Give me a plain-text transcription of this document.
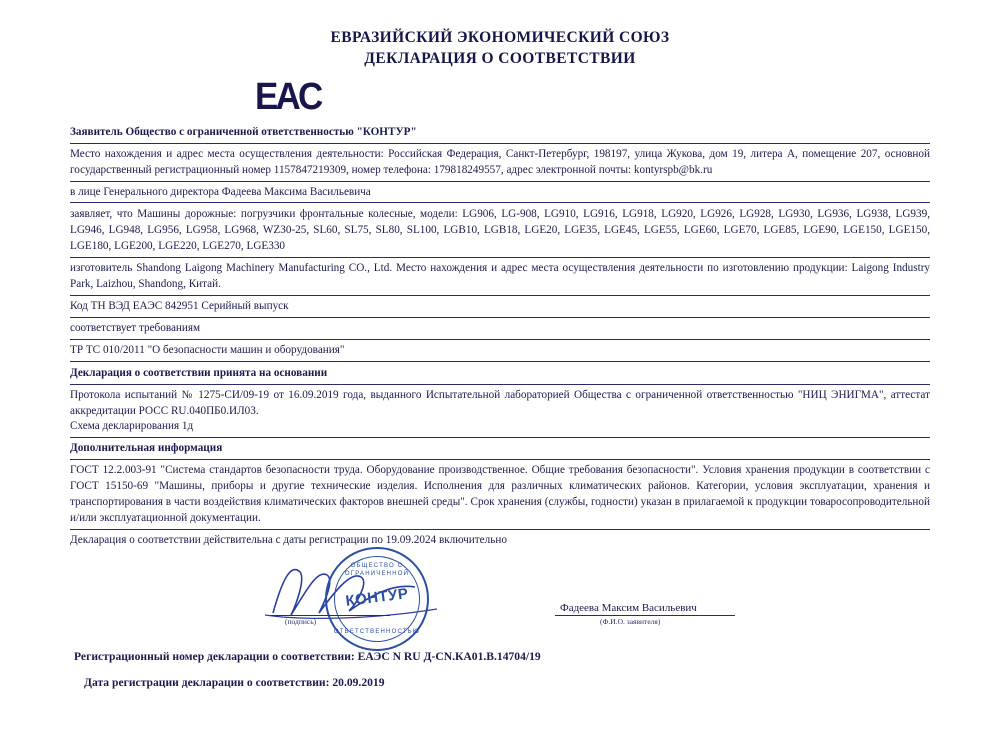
ЕВРАЗИЙСКИЙ ЭКОНОМИЧЕСКИЙ СОЮЗ
ДЕКЛАРАЦИЯ О СООТВЕТСТВИИ
ЕAC
Заявитель Общество с ограниченной ответственностью "КОНТУР"
Место нахождения и адрес места осуществления деятельности: Российская Федерация, Санкт-Петербург, 198197, улица Жукова, дом 19, литера А, помещение 207, основной государственный регистрационный номер 1157847219309, номер телефона: 179818249557, адрес электронной почты: kontyrspb@bk.ru
в лице Генерального директора Фадеева Максима Васильевича
заявляет, что Машины дорожные: погрузчики фронтальные колесные, модели: LG906, LG-908, LG910, LG916, LG918, LG920, LG926, LG928, LG930, LG936, LG938, LG939, LG946, LG948, LG956, LG958, LG968, WZ30-25, SL60, SL75, SL80, SL100, LGB10, LGB18, LGE20, LGE35, LGE45, LGE55, LGE60, LGE70, LGE85, LGE90, LGE150, LGE150, LGE180, LGE200, LGE220, LGE270, LGE330
изготовитель Shandong Laigong Machinery Manufacturing CO., Ltd. Место нахождения и адрес места осуществления деятельности по изготовлению продукции: Laigong Industry Park, Laizhou, Shandong, Китай.
Код ТН ВЭД ЕАЭС 842951 Серийный выпуск
соответствует требованиям
ТР ТС 010/2011 "О безопасности машин и оборудования"
Декларация о соответствии принята на основании
Протокола испытаний № 1275-СИ/09-19 от 16.09.2019 года, выданного Испытательной лабораторией Общества с ограниченной ответственностью "НИЦ ЭНИГМА", аттестат аккредитации РОСС RU.040ПБ0.ИЛ03.
Схема декларирования 1д
Дополнительная информация
ГОСТ 12.2.003-91 "Система стандартов безопасности труда. Оборудование производственное. Общие требования безопасности". Условия хранения продукции в соответствии с ГОСТ 15150-69 "Машины, приборы и другие технические изделия. Исполнения для различных климатических районов. Категории, условия эксплуатации, хранения и транспортирования в части воздействия климатических факторов внешней среды". Срок хранения (службы, годности) указан в прилагаемой к продукции товаросопроводительной и/или эксплуатационной документации.
Декларация о соответствии действительна с даты регистрации по 19.09.2024 включительно
ОБЩЕСТВО С ОГРАНИЧЕННОЙ
КОНТУР
ОТВЕТСТВЕННОСТЬЮ
(подпись)
Фадеева Максим Васильевич
(Ф.И.О. заявителя)
Регистрационный номер декларации о соответствии: ЕАЭС N RU Д-CN.КА01.В.14704/19
Дата регистрации декларации о соответствии: 20.09.2019
